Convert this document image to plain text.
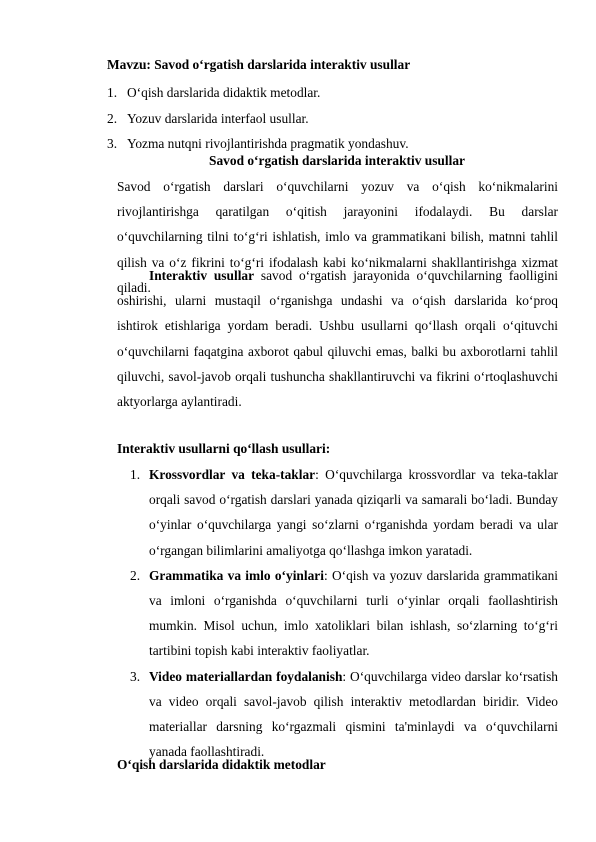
Mavzu: Savod o‘rgatish darslarida interaktiv usullar
1. O‘qish darslarida didaktik metodlar.
2. Yozuv darslarida interfaol usullar.
3. Yozma nutqni rivojlantirishda pragmatik yondashuv.
Savod o‘rgatish darslarida interaktiv usullar

Savod o‘rgatish darslari o‘quvchilarni yozuv va o‘qish ko‘nikmalarini rivojlantirishga qaratilgan o‘qitish jarayonini ifodalaydi. Bu darslar o‘quvchilarning tilni to‘g‘ri ishlatish, imlo va grammatikani bilish, matnni tahlil qilish va o‘z fikrini to‘g‘ri ifodalash kabi ko‘nikmalarni shakllantirishga xizmat qiladi.

Interaktiv usullar savod o‘rgatish jarayonida o‘quvchilarning faolligini oshirishi, ularni mustaqil o‘rganishga undashi va o‘qish darslarida ko‘proq ishtirok etishlariga yordam beradi. Ushbu usullarni qo‘llash orqali o‘qituvchi o‘quvchilarni faqatgina axborot qabul qiluvchi emas, balki bu axborotlarni tahlil qiluvchi, savol-javob orqali tushuncha shakllantiruvchi va fikrini o‘rtoqlashuvchi aktyorlarga aylantiradi.

Interaktiv usullarni qo‘llash usullari:
1. Krossvordlar va teka-taklar: O‘quvchilarga krossvordlar va teka-taklar orqali savod o‘rgatish darslari yanada qiziqarli va samarali bo‘ladi. Bunday o‘yinlar o‘quvchilarga yangi so‘zlarni o‘rganishda yordam beradi va ular o‘rgangan bilimlarini amaliyotga qo‘llashga imkon yaratadi.
2. Grammatika va imlo o‘yinlari: O‘qish va yozuv darslarida grammatikani va imloni o‘rganishda o‘quvchilarni turli o‘yinlar orqali faollashtirish mumkin. Misol uchun, imlo xatoliklari bilan ishlash, so‘zlarning to‘g‘ri tartibini topish kabi interaktiv faoliyatlar.
3. Video materiallardan foydalanish: O‘quvchilarga video darslar ko‘rsatish va video orqali savol-javob qilish interaktiv metodlardan biridir. Video materiallar darsning ko‘rgazmali qismini ta'minlaydi va o‘quvchilarni yanada faollashtiradi.
O‘qish darslarida didaktik metodlar
